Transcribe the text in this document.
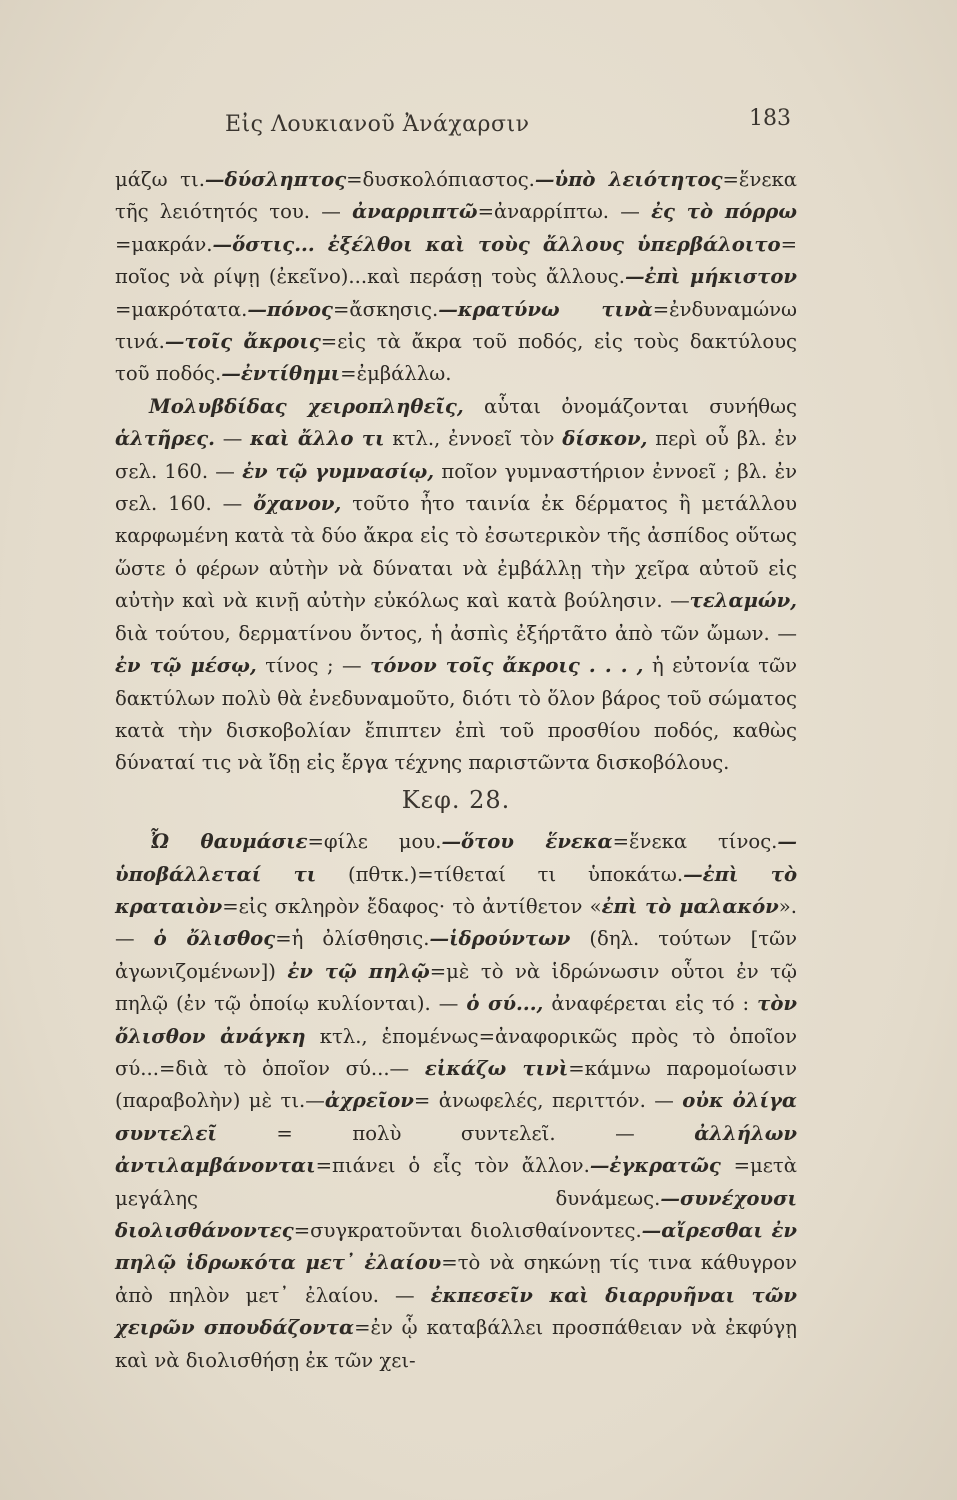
Εἰς Λουκιανοῦ Ἀνάχαρσιν	183

μάζω τι.—δύσληπτος=δυσκολόπιαστος.—ὑπὸ λειότητος=ἕνεκα τῆς λειότητός του. — ἀναρριπτῶ=ἀναρρίπτω. — ἐς τὸ πόρρω =μακράν.—ὅστις... ἐξέλθοι καὶ τοὺς ἄλλους ὑπερβάλοιτο= ποῖος νὰ ρίψῃ (ἐκεῖνο)...καὶ περάσῃ τοὺς ἄλλους.—ἐπὶ μήκιστον =μακρότατα.—πόνος=ἄσκησις.—κρατύνω τινὰ=ἐνδυναμώνω τινά.—τοῖς ἄκροις=εἰς τὰ ἄκρα τοῦ ποδός, εἰς τοὺς δακτύλους τοῦ ποδός.—ἐντίθημι=ἐμβάλλω.

Μολυβδίδας χειροπληθεῖς, αὗται ὀνομάζονται συνήθως ἁλτῆρες. — καὶ ἄλλο τι κτλ., ἐννοεῖ τὸν δίσκον, περὶ οὗ βλ. ἐν σελ. 160. — ἐν τῷ γυμνασίῳ, ποῖον γυμναστήριον ἐννοεῖ ; βλ. ἐν σελ. 160. — ὄχανον, τοῦτο ἦτο ταινία ἐκ δέρματος ἢ μετάλλου καρφωμένη κατὰ τὰ δύο ἄκρα εἰς τὸ ἐσωτερικὸν τῆς ἀσπίδος οὕτως ὥστε ὁ φέρων αὐτὴν νὰ δύναται νὰ ἐμβάλλῃ τὴν χεῖρα αὐτοῦ εἰς αὐτὴν καὶ νὰ κινῇ αὐτὴν εὐκόλως καὶ κατὰ βούλησιν. —τελαμών, διὰ τούτου, δερματίνου ὄντος, ἡ ἀσπὶς ἐξήρτᾶτο ἀπὸ τῶν ὤμων. — ἐν τῷ μέσῳ, τίνος ; — τόνον τοῖς ἄκροις . . . , ἡ εὐτονία τῶν δακτύλων πολὺ θὰ ἐνεδυναμοῦτο, διότι τὸ ὅλον βάρος τοῦ σώματος κατὰ τὴν δισκοβολίαν ἔπιπτεν ἐπὶ τοῦ προσθίου ποδός, καθὼς δύναταί τις νὰ ἴδῃ εἰς ἔργα τέχνης παριστῶντα δισκοβόλους.

Κεφ. 28.

Ὦ θαυμάσιε=φίλε μου.—ὅτου ἕνεκα=ἕνεκα τίνος.—ὑποβάλλεταί τι (πθτκ.)=τίθεταί τι ὑποκάτω.—ἐπὶ τὸ κραταιὸν=εἰς σκληρὸν ἔδαφος· τὸ ἀντίθετον «ἐπὶ τὸ μαλακόν». — ὁ ὄλισθος=ἡ ὀλίσθησις.—ἱδρούντων (δηλ. τούτων [τῶν ἀγωνιζομένων]) ἐν τῷ πηλῷ=μὲ τὸ νὰ ἱδρώνωσιν οὗτοι ἐν τῷ πηλῷ (ἐν τῷ ὁποίῳ κυλίονται). — ὁ σύ..., ἀναφέρεται εἰς τό : τὸν ὄλισθον ἀνάγκη κτλ., ἑπομένως=ἀναφορικῶς πρὸς τὸ ὁποῖον σύ...=διὰ τὸ ὁποῖον σύ...— εἰκάζω τινὶ=κάμνω παρομοίωσιν (παραβολὴν) μὲ τι.—ἀχρεῖον= ἀνωφελές, περιττόν. — οὐκ ὀλίγα συντελεῖ = πολὺ συντελεῖ. — ἀλλήλων ἀντιλαμβάνονται=πιάνει ὁ εἷς τὸν ἄλλον.—ἐγκρατῶς =μετὰ μεγάλης δυνάμεως.—συνέχουσι διολισθάνοντες=συγκρατοῦνται διολισθαίνοντες.—αἴρεσθαι ἐν πηλῷ ἱδρωκότα μετ᾽ ἐλαίου=τὸ νὰ σηκώνῃ τίς τινα κάθυγρον ἀπὸ πηλὸν μετ᾽ ἐλαίου. — ἐκπεσεῖν καὶ διαρρυῆναι τῶν χειρῶν σπουδάζοντα=ἐν ᾧ καταβάλλει προσπάθειαν νὰ ἐκφύγῃ καὶ νὰ διολισθήσῃ ἐκ τῶν χει-
